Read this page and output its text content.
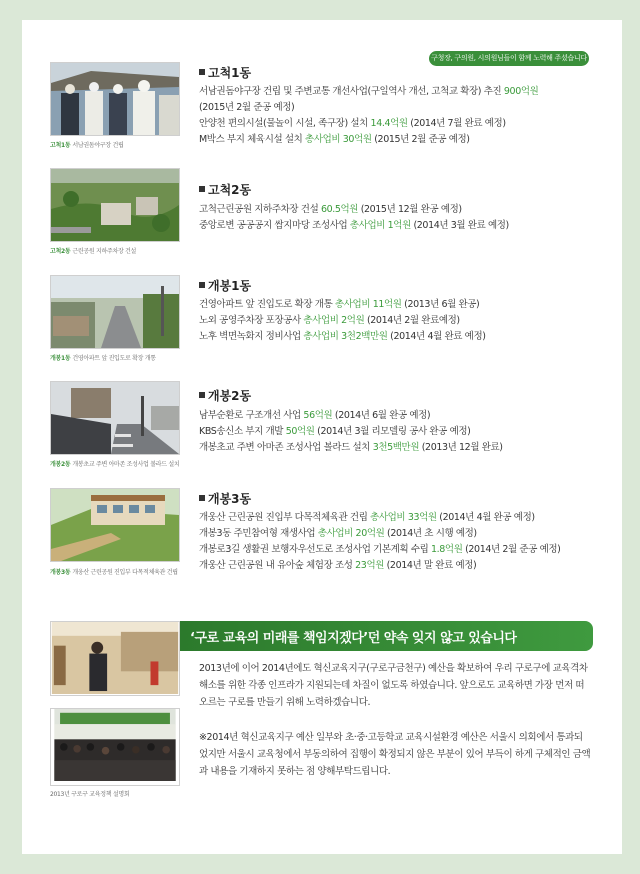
구청장, 구의원, 시의원님들이 함께 노력해 주셨습니다
고척1동 서남권돔야구장 건립
고척1동
서남권돔야구장 건립 및 주변교통 개선사업(구일역사 개선, 고척교 확장) 추진 900억원
(2015년 2월 준공 예정)
안양천 편의시설(물놀이 시설, 족구장) 설치 14.4억원 (2014년 7월 완료 예정)
M박스 부지 체육시설 설치 총사업비 30억원 (2015년 2월 준공 예정)
고척2동 근린공원 지하주차장 건설
고척2동
고척근린공원 지하주차장 건설 60.5억원 (2015년 12월 완공 예정)
중앙로변 공공공지 쌈지마당 조성사업 총사업비 1억원 (2014년 3월 완료 예정)
개봉1동 건영아파트 앞 진입도로 확장 개통
개봉1동
건영아파트 앞 진입도로 확장 개통 총사업비 11억원 (2013년 6월 완공)
노외 공영주차장 포장공사 총사업비 2억원 (2014년 2월 완료예정)
노후 벽면녹화지 정비사업 총사업비 3천2백만원 (2014년 4월 완료 예정)
개봉2동 개봉초교 주변 아마존 조성사업 볼라드 설치
개봉2동
남부순환로 구조개선 사업 56억원 (2014년 6월 완공 예정)
KBS송신소 부지 개발 50억원 (2014년 3월 리모델링 공사 완공 예정)
개봉초교 주변 아마존 조성사업 볼라드 설치 3천5백만원 (2013년 12월 완료)
개봉3동 개웅산 근린공원 진입부 다목적체육관 건립
개봉3동
개웅산 근린공원 진입부 다목적체육관 건립 총사업비 33억원 (2014년 4월 완공 예정)
개봉3동 주민참여형 재생사업 총사업비 20억원 (2014년 초 시행 예정)
개봉로3길 생활권 보행자우선도로 조성사업 기본계획 수립 1.8억원 (2014년 2월 준공 예정)
개웅산 근린공원 내 유아숲 체험장 조성 23억원 (2014년 말 완료 예정)
2013년 구로구 교육정책 설명회
‘구로 교육의 미래를 책임지겠다’던 약속 잊지 않고 있습니다

2013년에 이어 2014년에도 혁신교육지구(구로구금천구) 예산을 확보하여 우리 구로구에 교육격차 해소를 위한 각종 인프라가 지원되는데 차질이 없도록 하였습니다. 앞으로도 교육하면 가장 먼저 떠오르는 구로를 만들기 위해 노력하겠습니다.

※2014년 혁신교육지구 예산 일부와 초·중·고등학교 교육시설환경 예산은 서울시 의회에서 통과되었지만 서울시 교육청에서 부동의하여 집행이 확정되지 않은 부분이 있어 부득이 하게 구체적인 금액과 내용을 기재하지 못하는 점 양해부탁드립니다.
